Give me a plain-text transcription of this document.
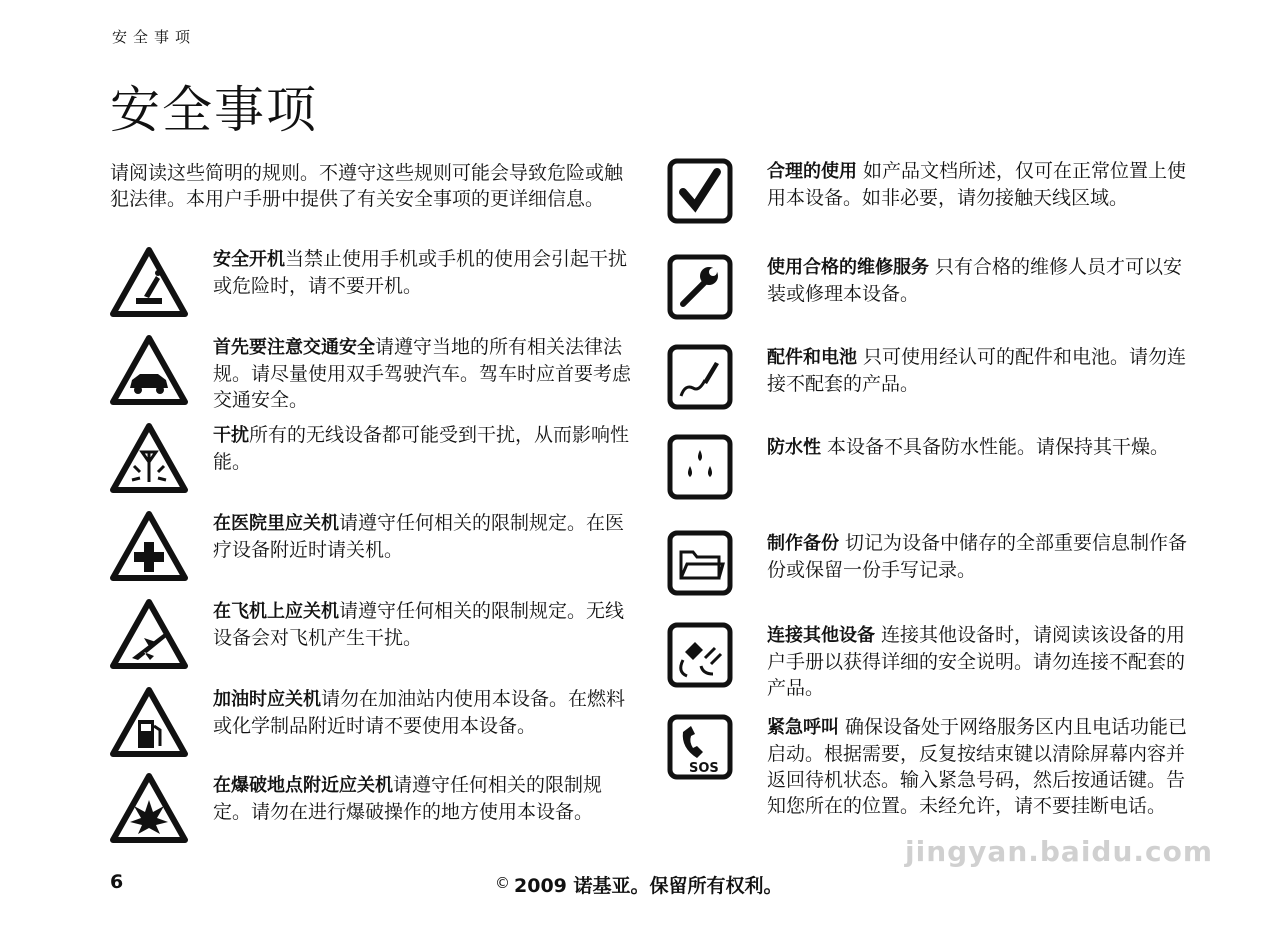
安全事项
安全事项

请阅读这些简明的规则。不遵守这些规则可能会导致危险或触犯法律。本用户手册中提供了有关安全事项的更详细信息。

安全开机当禁止使用手机或手机的使用会引起干扰或危险时，请不要开机。

首先要注意交通安全请遵守当地的所有相关法律法规。请尽量使用双手驾驶汽车。驾车时应首要考虑交通安全。

干扰所有的无线设备都可能受到干扰，从而影响性能。

在医院里应关机请遵守任何相关的限制规定。在医疗设备附近时请关机。

在飞机上应关机请遵守任何相关的限制规定。无线设备会对飞机产生干扰。

加油时应关机请勿在加油站内使用本设备。在燃料或化学制品附近时请不要使用本设备。

在爆破地点附近应关机请遵守任何相关的限制规定。请勿在进行爆破操作的地方使用本设备。

合理的使用 如产品文档所述，仅可在正常位置上使用本设备。如非必要，请勿接触天线区域。

使用合格的维修服务 只有合格的维修人员才可以安装或修理本设备。

配件和电池 只可使用经认可的配件和电池。请勿连接不配套的产品。

防水性 本设备不具备防水性能。请保持其干燥。

制作备份 切记为设备中储存的全部重要信息制作备份或保留一份手写记录。

连接其他设备 连接其他设备时，请阅读该设备的用户手册以获得详细的安全说明。请勿连接不配套的产品。

SOS

紧急呼叫 确保设备处于网络服务区内且电话功能已启动。根据需要，反复按结束键以清除屏幕内容并返回待机状态。输入紧急号码，然后按通话键。告知您所在的位置。未经允许，请不要挂断电话。

jingyan.baidu.com
6	© 2009 诺基亚。保留所有权利。
